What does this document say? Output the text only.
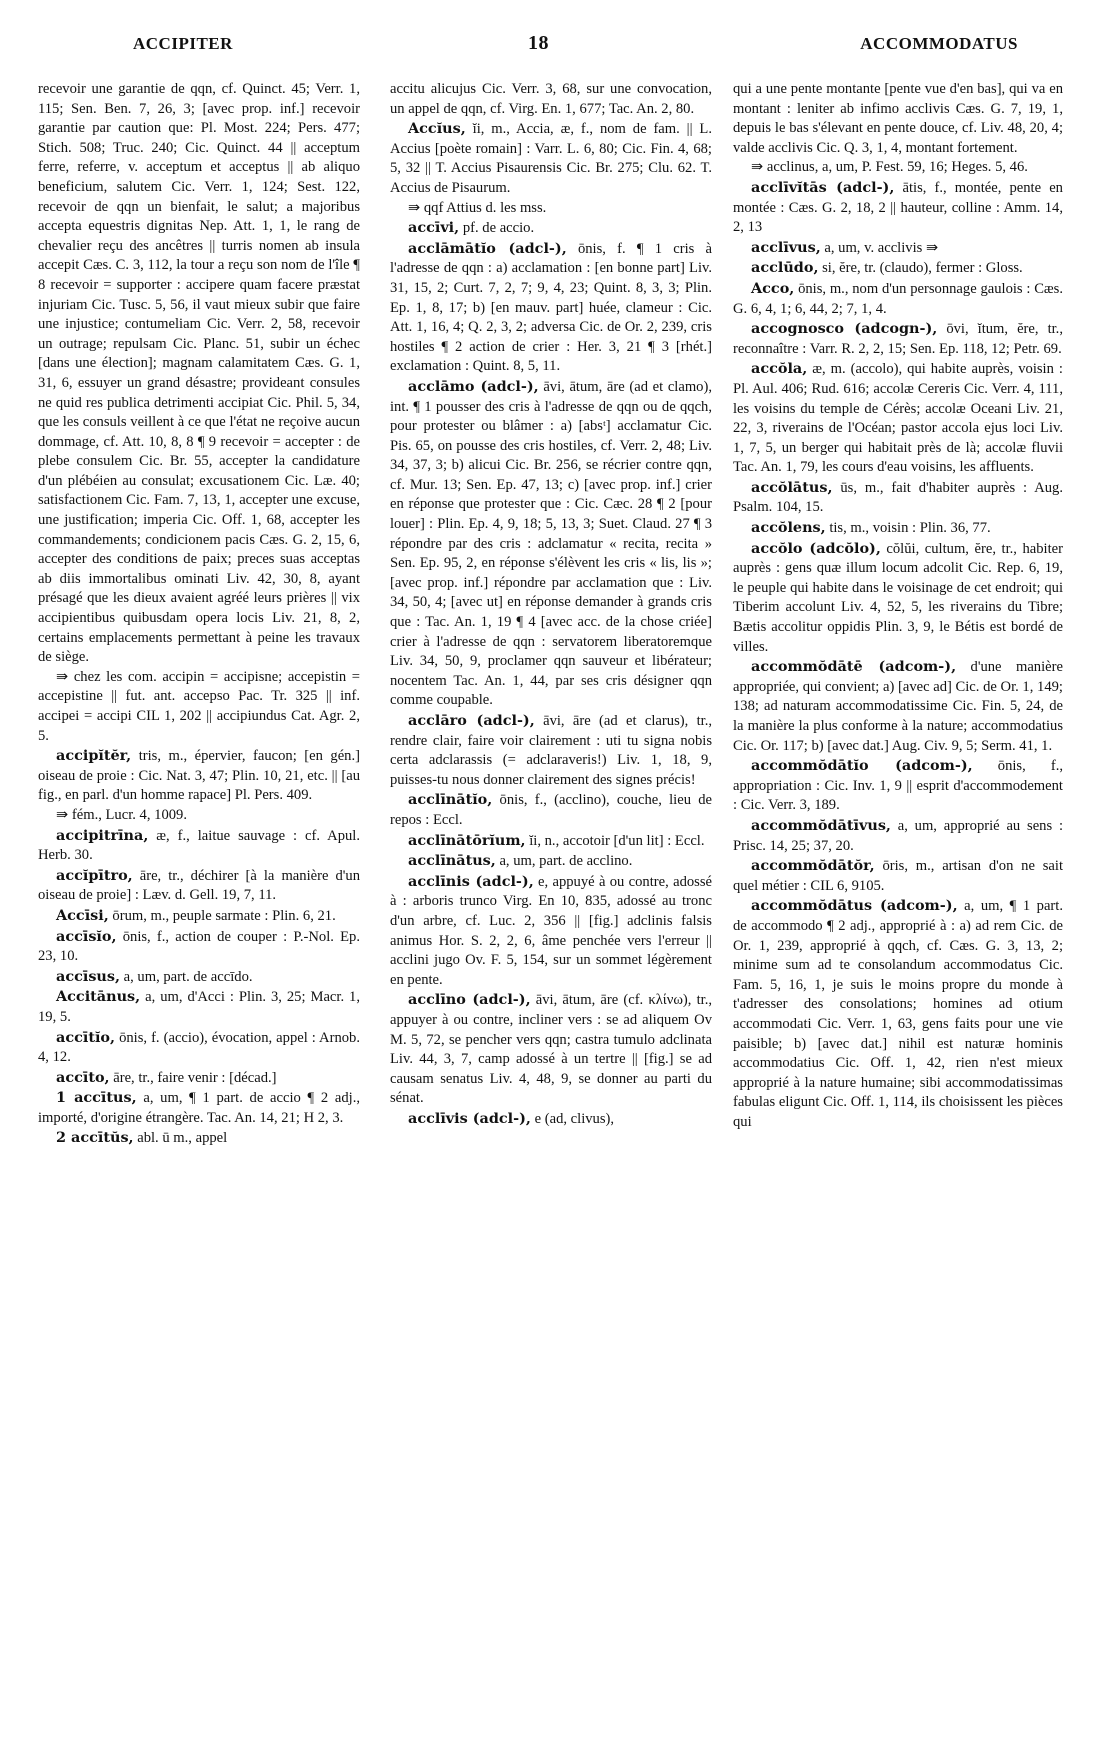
ACCIPITER	18	ACCOMMODATUS

recevoir une garantie de qqn, cf. Quinct. 45; Verr. 1, 115; Sen. Ben. 7, 26, 3; [avec prop. inf.] recevoir garantie par caution que: Pl. Most. 224; Pers. 477; Stich. 508; Truc. 240; Cic. Quinct. 44 || acceptum ferre, referre, v. acceptum et acceptus || ab aliquo beneficium, salutem Cic. Verr. 1, 124; Sest. 122, recevoir de qqn un bienfait, le salut; a majoribus accepta equestris dignitas Nep. Att. 1, 1, le rang de chevalier reçu des ancêtres || turris nomen ab insula accepit Cæs. C. 3, 112, la tour a reçu son nom de l'île ¶ 8 recevoir = supporter : accipere quam facere præstat injuriam Cic. Tusc. 5, 56, il vaut mieux subir que faire une injustice; contumeliam Cic. Verr. 2, 58, recevoir un outrage; repulsam Cic. Planc. 51, subir un échec [dans une élection]; magnam calamitatem Cæs. G. 1, 31, 6, essuyer un grand désastre; provideant consules ne quid res publica detrimenti accipiat Cic. Phil. 5, 34, que les consuls veillent à ce que l'état ne reçoive aucun dommage, cf. Att. 10, 8, 8 ¶ 9 recevoir = accepter : de plebe consulem Cic. Br. 55, accepter la candidature d'un plébéien au consulat; excusationem Cic. Læ. 40; satisfactionem Cic. Fam. 7, 13, 1, accepter une excuse, une justification; imperia Cic. Off. 1, 68, accepter les commandements; condicionem pacis Cæs. G. 2, 15, 6, accepter des conditions de paix; preces suas acceptas ab diis immortalibus ominati Liv. 42, 30, 8, ayant présagé que les dieux avaient agréé leurs prières || vix accipientibus quibusdam opera locis Liv. 21, 8, 2, certains emplacements permettant à peine les travaux de siège.

⇛ chez les com. accipin = accipisne; accepistin = accepistine || fut. ant. accepso Pac. Tr. 325 || inf. accipei = accipi CIL 1, 202 || accipiundus Cat. Agr. 2, 5.

accipĭtĕr, tris, m., épervier, faucon; [en gén.] oiseau de proie : Cic. Nat. 3, 47; Plin. 10, 21, etc. || [au fig., en parl. d'un homme rapace] Pl. Pers. 409.

⇛ fém., Lucr. 4, 1009.

accipitrīna, æ, f., laitue sauvage : cf. Apul. Herb. 30.

accĭpītro, āre, tr., déchirer [à la manière d'un oiseau de proie] : Læv. d. Gell. 19, 7, 11.

Accīsi, ōrum, m., peuple sarmate : Plin. 6, 21.

accīsĭo, ōnis, f., action de couper : P.-Nol. Ep. 23, 10.

accīsus, a, um, part. de accīdo.

Accitānus, a, um, d'Acci : Plin. 3, 25; Macr. 1, 19, 5.

accītĭo, ōnis, f. (accio), évocation, appel : Arnob. 4, 12.

accīto, āre, tr., faire venir : [décad.]

1 accītus, a, um, ¶ 1 part. de accio ¶ 2 adj., importé, d'origine étrangère. Tac. An. 14, 21; H 2, 3.

2 accītŭs, abl. ū m., appel

accitu alicujus Cic. Verr. 3, 68, sur une convocation, un appel de qqn, cf. Virg. En. 1, 677; Tac. An. 2, 80.

Accĭus, ĭi, m., Accia, æ, f., nom de fam. || L. Accius [poète romain] : Varr. L. 6, 80; Cic. Fin. 4, 68; 5, 32 || T. Accius Pisaurensis Cic. Br. 275; Clu. 62. T. Accius de Pisaurum.

⇛ qqf Attius d. les mss.

accīvi, pf. de accio.

acclāmātĭo (adcl-), ōnis, f. ¶ 1 cris à l'adresse de qqn : a) acclamation : [en bonne part] Liv. 31, 15, 2; Curt. 7, 2, 7; 9, 4, 23; Quint. 8, 3, 3; Plin. Ep. 1, 8, 17; b) [en mauv. part] huée, clameur : Cic. Att. 1, 16, 4; Q. 2, 3, 2; adversa Cic. de Or. 2, 239, cris hostiles ¶ 2 action de crier : Her. 3, 21 ¶ 3 [rhét.] exclamation : Quint. 8, 5, 11.

acclāmo (adcl-), āvi, ātum, āre (ad et clamo), int. ¶ 1 pousser des cris à l'adresse de qqn ou de qqch, pour protester ou blâmer : a) [absᵗ] acclamatur Cic. Pis. 65, on pousse des cris hostiles, cf. Verr. 2, 48; Liv. 34, 37, 3; b) alicui Cic. Br. 256, se récrier contre qqn, cf. Mur. 13; Sen. Ep. 47, 13; c) [avec prop. inf.] crier en réponse que protester que : Cic. Cæc. 28 ¶ 2 [pour louer] : Plin. Ep. 4, 9, 18; 5, 13, 3; Suet. Claud. 27 ¶ 3 répondre par des cris : adclamatur « recita, recita » Sen. Ep. 95, 2, en réponse s'élèvent les cris « lis, lis »; [avec prop. inf.] répondre par acclamation que : Liv. 34, 50, 4; [avec ut] en réponse demander à grands cris que : Tac. An. 1, 19 ¶ 4 [avec acc. de la chose criée] crier à l'adresse de qqn : servatorem liberatoremque Liv. 34, 50, 9, proclamer qqn sauveur et libérateur; nocentem Tac. An. 1, 44, par ses cris désigner qqn comme coupable.

acclāro (adcl-), āvi, āre (ad et clarus), tr., rendre clair, faire voir clairement : uti tu signa nobis certa adclarassis (= adclaraveris!) Liv. 1, 18, 9, puisses-tu nous donner clairement des signes précis!

acclīnātĭo, ōnis, f., (acclino), couche, lieu de repos : Eccl.

acclīnātōrĭum, ĭi, n., accotoir [d'un lit] : Eccl.

acclīnātus, a, um, part. de acclino.

acclīnis (adcl-), e, appuyé à ou contre, adossé à : arboris trunco Virg. En 10, 835, adossé au tronc d'un arbre, cf. Luc. 2, 356 || [fig.] adclinis falsis animus Hor. S. 2, 2, 6, âme penchée vers l'erreur || acclini jugo Ov. F. 5, 154, sur un sommet légèrement en pente.

acclīno (adcl-), āvi, ātum, āre (cf. κλίνω), tr., appuyer à ou contre, incliner vers : se ad aliquem Ov M. 5, 72, se pencher vers qqn; castra tumulo adclinata Liv. 44, 3, 7, camp adossé à un tertre || [fig.] se ad causam senatus Liv. 4, 48, 9, se donner au parti du sénat.

acclīvis (adcl-), e (ad, clivus),

qui a une pente montante [pente vue d'en bas], qui va en montant : leniter ab infimo acclivis Cæs. G. 7, 19, 1, depuis le bas s'élevant en pente douce, cf. Liv. 48, 20, 4; valde acclivis Cic. Q. 3, 1, 4, montant fortement.

⇛ acclinus, a, um, P. Fest. 59, 16; Heges. 5, 46.

acclīvĭtās (adcl-), ātis, f., montée, pente en montée : Cæs. G. 2, 18, 2 || hauteur, colline : Amm. 14, 2, 13

acclīvus, a, um, v. acclivis ⇛

acclūdo, si, ĕre, tr. (claudo), fermer : Gloss.

Acco, ōnis, m., nom d'un personnage gaulois : Cæs. G. 6, 4, 1; 6, 44, 2; 7, 1, 4.

accognosco (adcogn-), ōvi, ĭtum, ĕre, tr., reconnaître : Varr. R. 2, 2, 15; Sen. Ep. 118, 12; Petr. 69.

accŏla, æ, m. (accolo), qui habite auprès, voisin : Pl. Aul. 406; Rud. 616; accolæ Cereris Cic. Verr. 4, 111, les voisins du temple de Cérès; accolæ Oceani Liv. 21, 22, 3, riverains de l'Océan; pastor accola ejus loci Liv. 1, 7, 5, un berger qui habitait près de là; accolæ fluvii Tac. An. 1, 79, les cours d'eau voisins, les affluents.

accŏlātus, ūs, m., fait d'habiter auprès : Aug. Psalm. 104, 15.

accŏlens, tis, m., voisin : Plin. 36, 77.

accŏlo (adcŏlo), cŏlŭi, cultum, ĕre, tr., habiter auprès : gens quæ illum locum adcolit Cic. Rep. 6, 19, le peuple qui habite dans le voisinage de cet endroit; qui Tiberim accolunt Liv. 4, 52, 5, les riverains du Tibre; Bætis accolitur oppidis Plin. 3, 9, le Bétis est bordé de villes.

accommŏdātē (adcom-), d'une manière appropriée, qui convient; a) [avec ad] Cic. de Or. 1, 149; 138; ad naturam accommodatissime Cic. Fin. 5, 24, de la manière la plus conforme à la nature; accommodatius Cic. Or. 117; b) [avec dat.] Aug. Civ. 9, 5; Serm. 41, 1.

accommŏdātĭo (adcom-), ōnis, f., appropriation : Cic. Inv. 1, 9 || esprit d'accommodement : Cic. Verr. 3, 189.

accommŏdātīvus, a, um, approprié au sens : Prisc. 14, 25; 37, 20.

accommŏdātŏr, ōris, m., artisan d'on ne sait quel métier : CIL 6, 9105.

accommŏdātus (adcom-), a, um, ¶ 1 part. de accommodo ¶ 2 adj., approprié à : a) ad rem Cic. de Or. 1, 239, approprié à qqch, cf. Cæs. G. 3, 13, 2; minime sum ad te consolandum accommodatus Cic. Fam. 5, 16, 1, je suis le moins propre du monde à t'adresser des consolations; homines ad otium accommodati Cic. Verr. 1, 63, gens faits pour une vie paisible; b) [avec dat.] nihil est naturæ hominis accommodatius Cic. Off. 1, 42, rien n'est mieux approprié à la nature humaine; sibi accommodatissimas fabulas eligunt Cic. Off. 1, 114, ils choisissent les pièces qui
